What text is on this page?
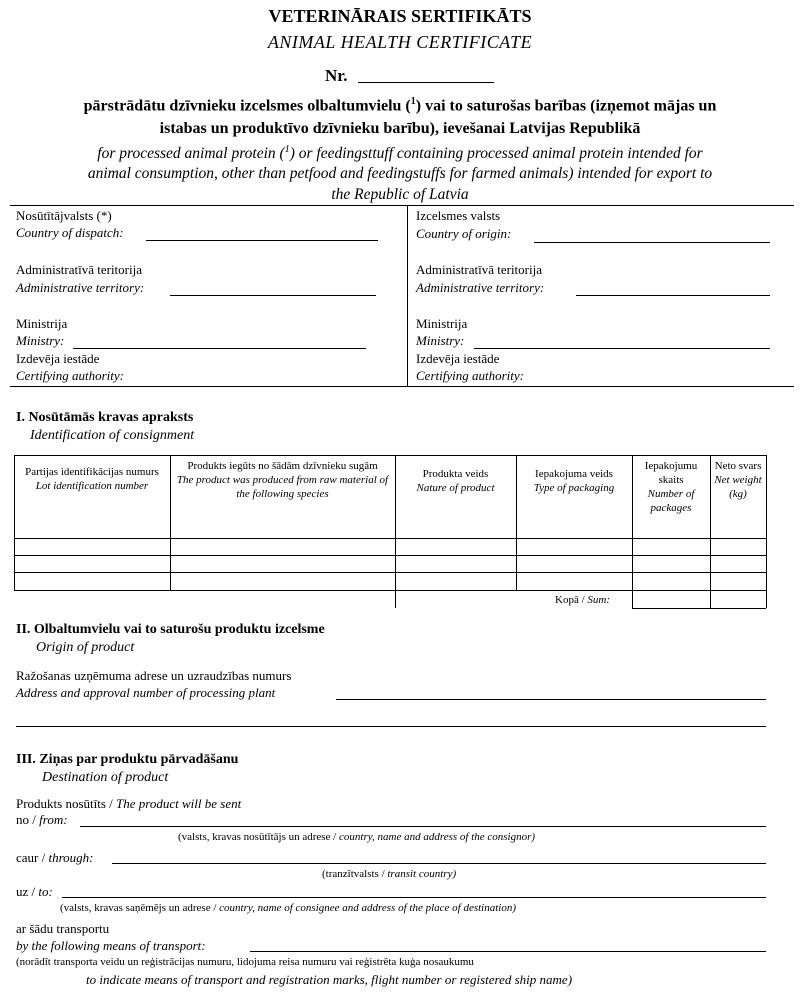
VETERINĀRAIS SERTIFIKĀTS
ANIMAL HEALTH CERTIFICATE
Nr.
pārstrādātu dzīvnieku izcelsmes olbaltumvielu ($^1$) vai to saturošas barības (izņemot mājas un
istabas un produktīvo dzīvnieku barību), ievešanai Latvijas Republikā
for processed animal protein ($^1$) or feedingsttuff containing processed animal protein intended for
animal consumption, other than petfood and feedingstuffs for farmed animals) intended for export to
the Republic of Latvia
Nosūtītājvalsts (*)
Country of dispatch:
Administratīvā teritorija
Administrative territory:
Ministrija
Ministry:
Izdevēja iestāde
Certifying authority:
Izcelsmes valsts
Country of origin:
Administratīvā teritorija
Administrative territory:
Ministrija
Ministry:
Izdevēja iestāde
Certifying authority:
I. Nosūtāmās kravas apraksts
Identification of consignment
Partijas identifikācijas numurs
Lot identification number
Produkts iegūts no šādām dzīvnieku sugām
The product was produced from raw material of the following species
Produkta veids
Nature of product
Iepakojuma veids
Type of packaging
Iepakojumu skaits
Number of packages
Neto svars
Net weight (kg)
Kopā / Sum:
II. Olbaltumvielu vai to saturošu produktu izcelsme
Origin of product
Ražošanas uzņēmuma adrese un uzraudzības numurs
Address and approval number of processing plant
III. Ziņas par produktu pārvadāšanu
Destination of product
Produkts nosūtīts / The product will be sent
no / from:
(valsts, kravas nosūtītājs un adrese / country, name and address of the consignor)
caur / through:
(tranzītvalsts / transit country)
uz / to:
(valsts, kravas saņēmējs un adrese / country, name of consignee and address of the place of destination)
ar šādu transportu
by the following means of transport:
(norādīt transporta veidu un reģistrācijas numuru, lidojuma reisa numuru vai reģistrēta kuģa nosaukumu
to indicate means of transport and registration marks, flight number or registered ship name)
